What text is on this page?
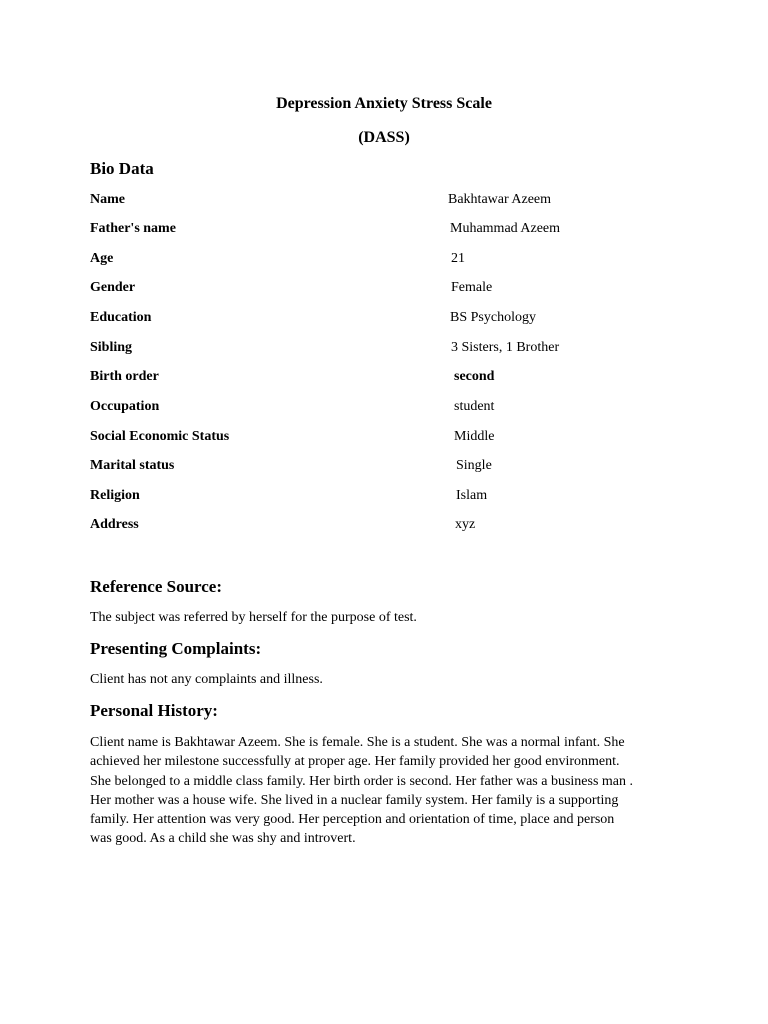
Depression Anxiety Stress Scale
(DASS)
Bio Data
Name	Bakhtawar Azeem
Father's name	Muhammad Azeem
Age	21
Gender	Female
Education	BS Psychology
Sibling	3 Sisters, 1 Brother
Birth order	second
Occupation	student
Social Economic Status	Middle
Marital status	Single
Religion	Islam
Address	xyz
Reference Source:

The subject was referred by herself for the purpose of test.

Presenting Complaints:

Client has not any complaints and illness.

Personal History:
Client name is Bakhtawar Azeem. She is female. She is a student. She was a normal infant. She
achieved her milestone successfully at proper age. Her family provided her good environment.
She belonged to a middle class family. Her birth order is second. Her father was a business man .
Her mother was a house wife. She lived in a nuclear family system. Her family is a supporting
family. Her attention was very good. Her perception and orientation of time, place and person
was good. As a child she was shy and introvert.
